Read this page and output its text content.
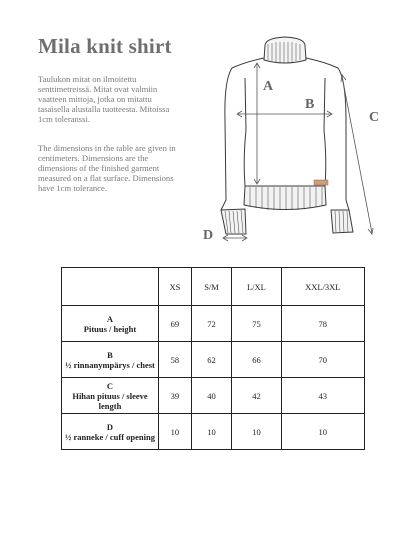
Mila knit shirt
Taulukon mitat on ilmoitettu senttimetreissä. Mitat ovat valmiin vaatteen mittoja, jotka on mitattu tasaisella alustalla tuotteesta. Mitoissa 1cm toleranssi.
The dimensions in the table are given in centimeters. Dimensions are the dimensions of the finished garment measured on a flat surface. Dimensions have 1cm tolerance.
A
B
C
D
	XS	S/M	L/XL	XXL/3XL

A
Pituus / height	69	72	75	78

B
½ rinnanympärys / chest	58	62	66	70

C
Hihan pituus / sleeve length	39	40	42	43

D
½ ranneke / cuff opening	10	10	10	10
